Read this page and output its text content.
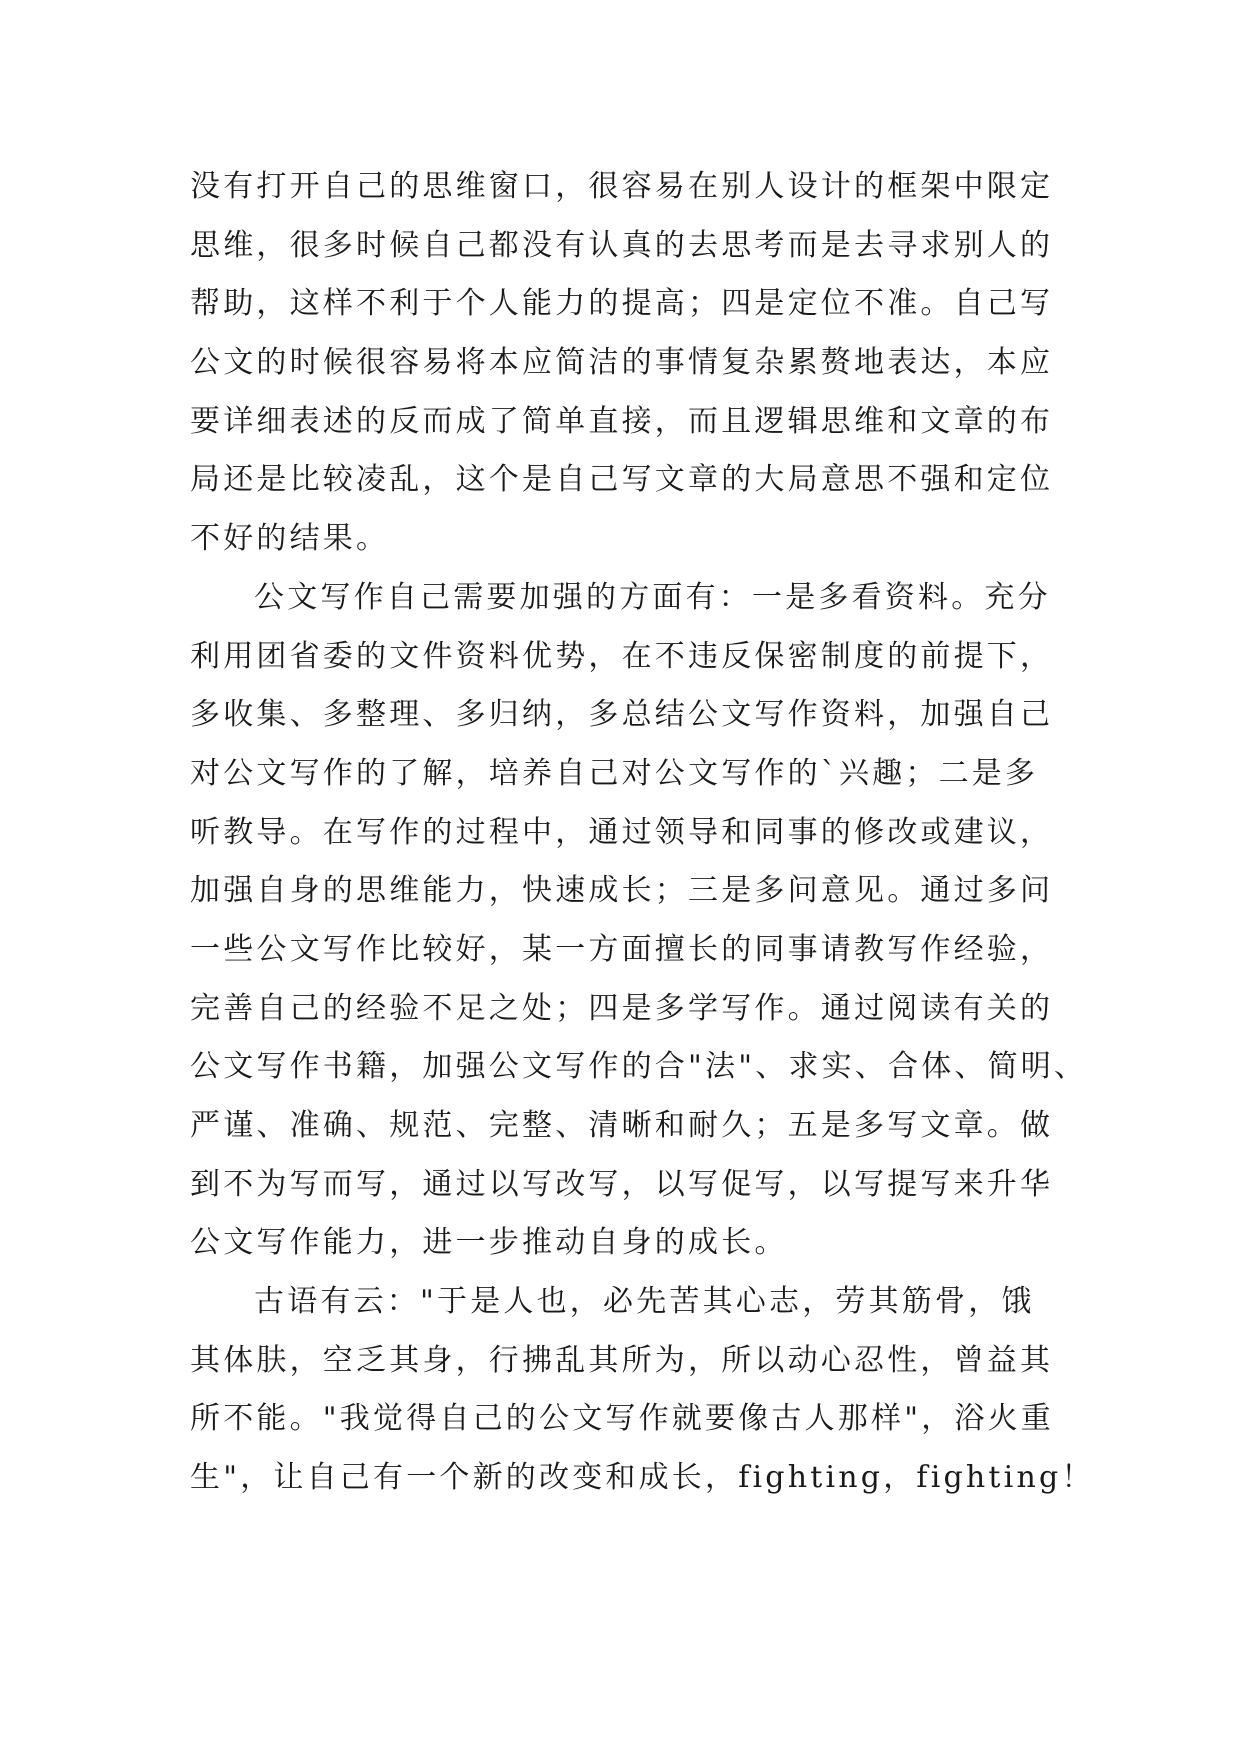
没有打开自己的思维窗口，很容易在别人设计的框架中限定
思维，很多时候自己都没有认真的去思考而是去寻求别人的
帮助，这样不利于个人能力的提高；四是定位不准。自己写
公文的时候很容易将本应简洁的事情复杂累赘地表达，本应
要详细表述的反而成了简单直接，而且逻辑思维和文章的布
局还是比较凌乱，这个是自己写文章的大局意思不强和定位
不好的结果。
公文写作自己需要加强的方面有：一是多看资料。充分
利用团省委的文件资料优势，在不违反保密制度的前提下，
多收集、多整理、多归纳，多总结公文写作资料，加强自己
对公文写作的了解，培养自己对公文写作的`兴趣；二是多
听教导。在写作的过程中，通过领导和同事的修改或建议，
加强自身的思维能力，快速成长；三是多问意见。通过多问
一些公文写作比较好，某一方面擅长的同事请教写作经验，
完善自己的经验不足之处；四是多学写作。通过阅读有关的
公文写作书籍，加强公文写作的合"法"、求实、合体、简明、
严谨、准确、规范、完整、清晰和耐久；五是多写文章。做
到不为写而写，通过以写改写，以写促写，以写提写来升华
公文写作能力，进一步推动自身的成长。
古语有云："于是人也，必先苦其心志，劳其筋骨，饿
其体肤，空乏其身，行拂乱其所为，所以动心忍性，曾益其
所不能。"我觉得自己的公文写作就要像古人那样"，浴火重
生"，让自己有一个新的改变和成长，fighting，fighting！
